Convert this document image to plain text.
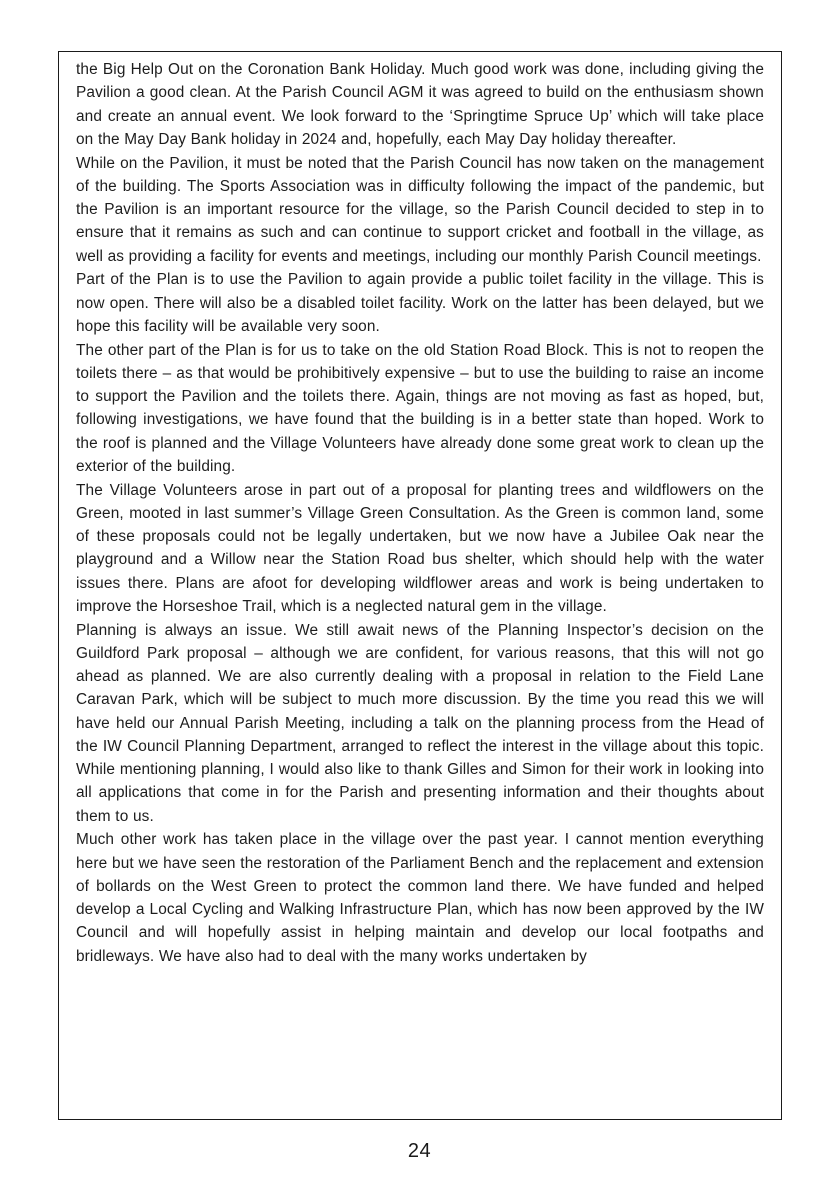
the Big Help Out on the Coronation Bank Holiday. Much good work was done, including giving the Pavilion a good clean. At the Parish Council AGM it was agreed to build on the enthusiasm shown and create an annual event. We look forward to the ‘Springtime Spruce Up’ which will take place on the May Day Bank holiday in 2024 and, hopefully, each May Day holiday thereafter.

While on the Pavilion, it must be noted that the Parish Council has now taken on the management of the building. The Sports Association was in difficulty following the impact of the pandemic, but the Pavilion is an important resource for the village, so the Parish Council decided to step in to ensure that it remains as such and can continue to support cricket and football in the village, as well as providing a facility for events and meetings, including our monthly Parish Council meetings.

Part of the Plan is to use the Pavilion to again provide a public toilet facility in the village. This is now open. There will also be a disabled toilet facility. Work on the latter has been delayed, but we hope this facility will be available very soon.

The other part of the Plan is for us to take on the old Station Road Block. This is not to reopen the toilets there – as that would be prohibitively expensive – but to use the building to raise an income to support the Pavilion and the toilets there. Again, things are not moving as fast as hoped, but, following investigations, we have found that the building is in a better state than hoped. Work to the roof is planned and the Village Volunteers have already done some great work to clean up the exterior of the building.

The Village Volunteers arose in part out of a proposal for planting trees and wildflowers on the Green, mooted in last summer’s Village Green Consultation. As the Green is common land, some of these proposals could not be legally undertaken, but we now have a Jubilee Oak near the playground and a Willow near the Station Road bus shelter, which should help with the water issues there. Plans are afoot for developing wildflower areas and work is being undertaken to improve the Horseshoe Trail, which is a neglected natural gem in the village.

Planning is always an issue. We still await news of the Planning Inspector’s decision on the Guildford Park proposal – although we are confident, for various reasons, that this will not go ahead as planned. We are also currently dealing with a proposal in relation to the Field Lane Caravan Park, which will be subject to much more discussion. By the time you read this we will have held our Annual Parish Meeting, including a talk on the planning process from the Head of the IW Council Planning Department, arranged to reflect the interest in the village about this topic. While mentioning planning, I would also like to thank Gilles and Simon for their work in looking into all applications that come in for the Parish and presenting information and their thoughts about them to us.

Much other work has taken place in the village over the past year. I cannot mention everything here but we have seen the restoration of the Parliament Bench and the replacement and extension of bollards on the West Green to protect the common land there. We have funded and helped develop a Local Cycling and Walking Infrastructure Plan, which has now been approved by the IW Council and will hopefully assist in helping maintain and develop our local footpaths and bridleways. We have also had to deal with the many works undertaken by

24
